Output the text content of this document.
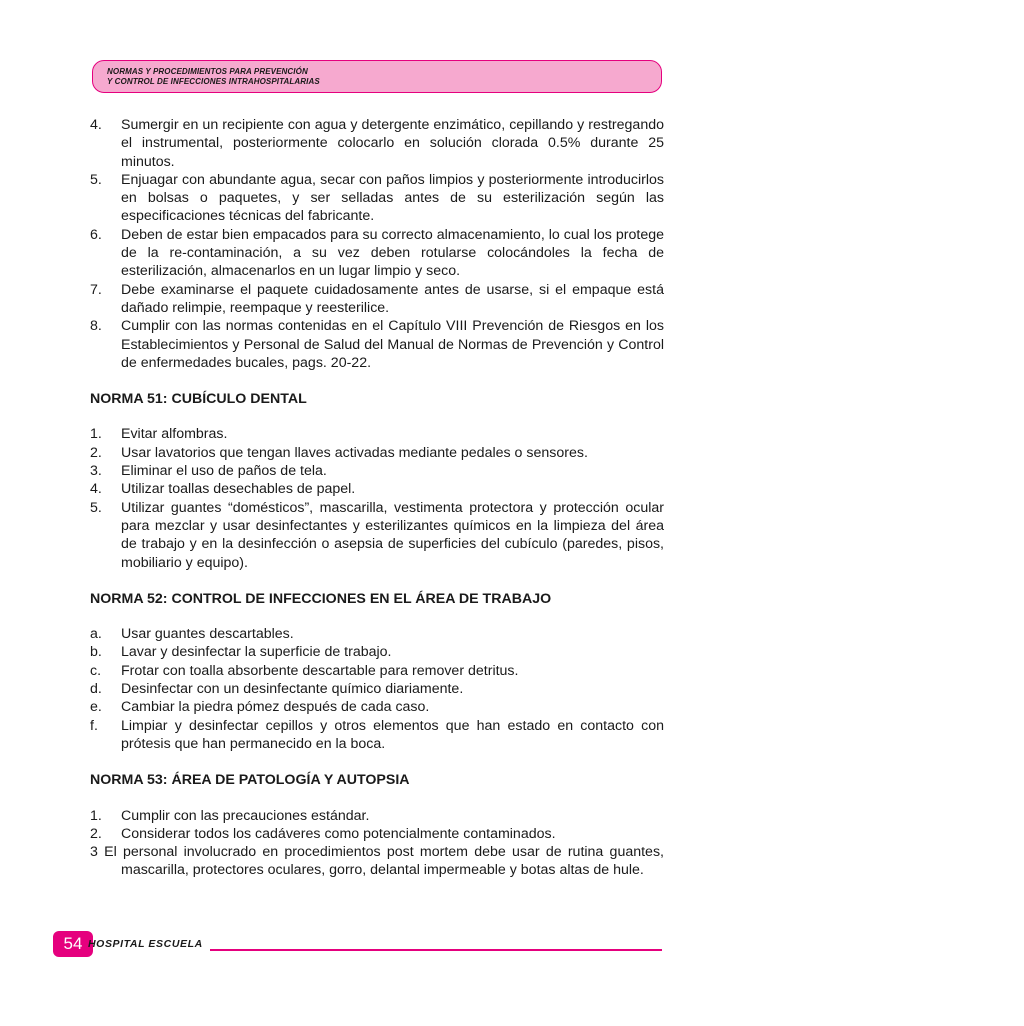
NORMAS Y PROCEDIMIENTOS PARA PREVENCIÓN
Y CONTROL DE INFECCIONES INTRAHOSPITALARIAS
4. Sumergir en un recipiente con agua y detergente enzimático, cepillando y restregando el instrumental, posteriormente colocarlo en solución clorada 0.5% durante 25 minutos.
5. Enjuagar con abundante agua, secar con paños limpios y posteriormente introducirlos en bolsas o paquetes, y ser selladas antes de su esterilización según las especificaciones técnicas del fabricante.
6. Deben de estar bien empacados para su correcto almacenamiento, lo cual los protege de la re-contaminación, a su vez deben rotularse colocándoles la fecha de esterilización, almacenarlos en un lugar limpio y seco.
7. Debe examinarse el paquete cuidadosamente antes de usarse, si el empaque está dañado relimpie, reempaque y reesterilice.
8. Cumplir con las normas contenidas en el Capítulo VIII Prevención de Riesgos en los Establecimientos y Personal de Salud del Manual de Normas de Prevención y Control de enfermedades bucales, pags. 20-22.
NORMA 51: CUBÍCULO DENTAL
1. Evitar alfombras.
2. Usar lavatorios que tengan llaves activadas mediante pedales o sensores.
3. Eliminar el uso de paños de tela.
4. Utilizar toallas desechables de papel.
5. Utilizar guantes “domésticos”, mascarilla, vestimenta protectora y protección ocular para mezclar y usar desinfectantes y esterilizantes químicos en la limpieza del área de trabajo y en la desinfección o asepsia de superficies del cubículo (paredes, pisos, mobiliario y equipo).
NORMA 52: CONTROL DE INFECCIONES EN EL ÁREA DE TRABAJO
a. Usar guantes descartables.
b. Lavar y desinfectar la superficie de trabajo.
c. Frotar con toalla absorbente descartable para remover detritus.
d. Desinfectar con un desinfectante químico diariamente.
e. Cambiar la piedra pómez después de cada caso.
f. Limpiar y desinfectar cepillos y otros elementos que han estado en contacto con prótesis que han permanecido en la boca.
NORMA 53: ÁREA DE PATOLOGÍA Y AUTOPSIA
1. Cumplir con las precauciones estándar.
2. Considerar todos los cadáveres como potencialmente contaminados.
3 El personal involucrado en procedimientos post mortem debe usar de rutina guantes, mascarilla, protectores oculares, gorro, delantal impermeable y botas altas de hule.
54 HOSPITAL ESCUELA
